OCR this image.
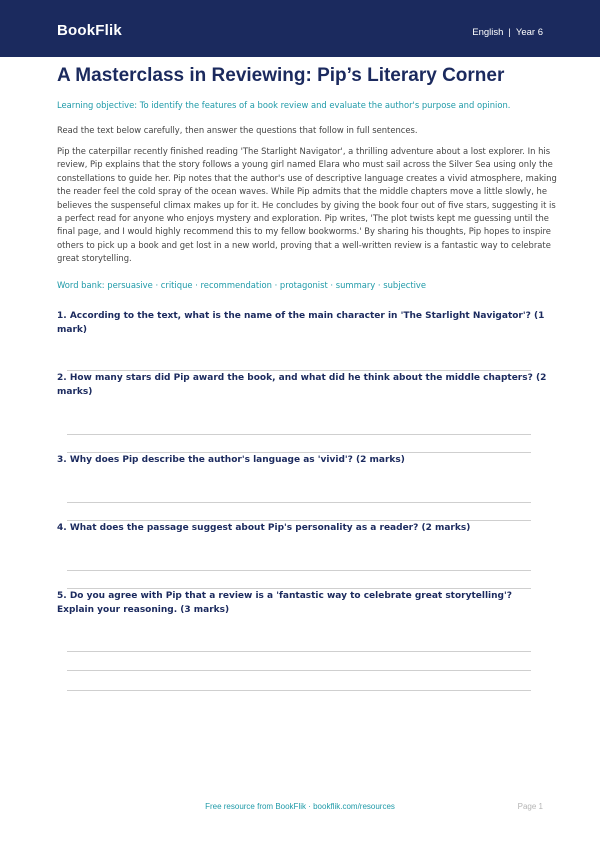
BookFlik	English | Year 6
A Masterclass in Reviewing: Pip’s Literary Corner
Learning objective: To identify the features of a book review and evaluate the author's purpose and opinion.
Read the text below carefully, then answer the questions that follow in full sentences.

Pip the caterpillar recently finished reading 'The Starlight Navigator', a thrilling adventure about a lost explorer. In his review, Pip explains that the story follows a young girl named Elara who must sail across the Silver Sea using only the constellations to guide her. Pip notes that the author's use of descriptive language creates a vivid atmosphere, making the reader feel the cold spray of the ocean waves. While Pip admits that the middle chapters move a little slowly, he believes the suspenseful climax makes up for it. He concludes by giving the book four out of five stars, suggesting it is a perfect read for anyone who enjoys mystery and exploration. Pip writes, 'The plot twists kept me guessing until the final page, and I would highly recommend this to my fellow bookworms.' By sharing his thoughts, Pip hopes to inspire others to pick up a book and get lost in a new world, proving that a well-written review is a fantastic way to celebrate great storytelling.

Word bank: persuasive · critique · recommendation · protagonist · summary · subjective

1. According to the text, what is the name of the main character in 'The Starlight Navigator'? (1 mark)

2. How many stars did Pip award the book, and what did he think about the middle chapters? (2 marks)

3. Why does Pip describe the author's language as 'vivid'? (2 marks)

4. What does the passage suggest about Pip's personality as a reader? (2 marks)

5. Do you agree with Pip that a review is a 'fantastic way to celebrate great storytelling'? Explain your reasoning. (3 marks)

Free resource from BookFlik · bookflik.com/resources	Page 1
